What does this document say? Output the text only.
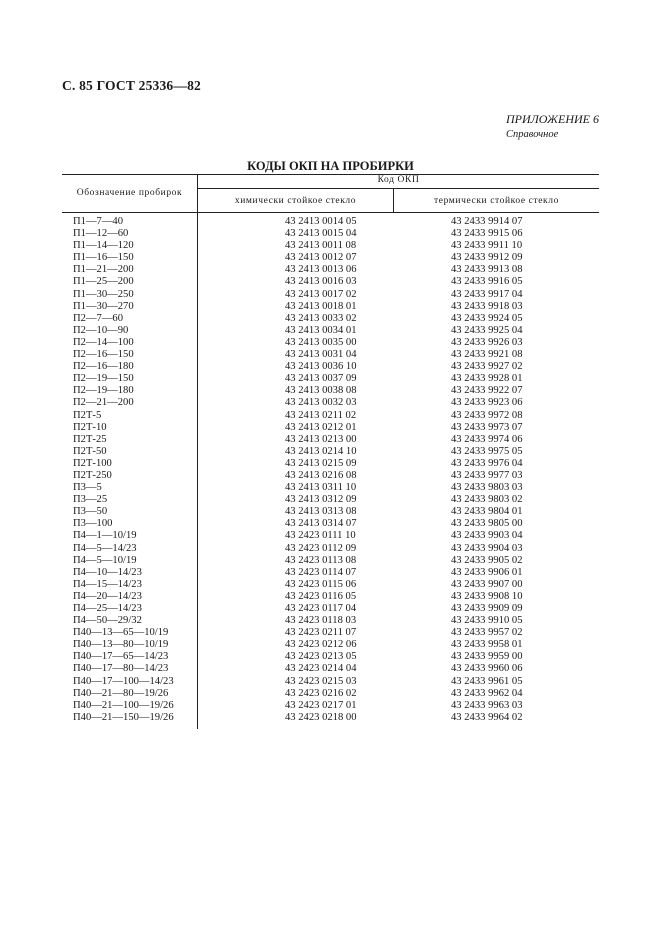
С. 85 ГОСТ 25336—82
ПРИЛОЖЕНИЕ 6
Справочное
КОДЫ ОКП НА ПРОБИРКИ
Обозначение пробирок
Код ОКП
химически стойкое стекло	термически стойкое стекло
П1—7—40	43 2413 0014 05	43 2433 9914 07
П1—12—60	43 2413 0015 04	43 2433 9915 06
П1—14—120	43 2413 0011 08	43 2433 9911 10
П1—16—150	43 2413 0012 07	43 2433 9912 09
П1—21—200	43 2413 0013 06	43 2433 9913 08
П1—25—200	43 2413 0016 03	43 2433 9916 05
П1—30—250	43 2413 0017 02	43 2433 9917 04
П1—30—270	43 2413 0018 01	43 2433 9918 03
П2—7—60	43 2413 0033 02	43 2433 9924 05
П2—10—90	43 2413 0034 01	43 2433 9925 04
П2—14—100	43 2413 0035 00	43 2433 9926 03
П2—16—150	43 2413 0031 04	43 2433 9921 08
П2—16—180	43 2413 0036 10	43 2433 9927 02
П2—19—150	43 2413 0037 09	43 2433 9928 01
П2—19—180	43 2413 0038 08	43 2433 9922 07
П2—21—200	43 2413 0032 03	43 2433 9923 06
П2Т-5	43 2413 0211 02	43 2433 9972 08
П2Т-10	43 2413 0212 01	43 2433 9973 07
П2Т-25	43 2413 0213 00	43 2433 9974 06
П2Т-50	43 2413 0214 10	43 2433 9975 05
П2Т-100	43 2413 0215 09	43 2433 9976 04
П2Т-250	43 2413 0216 08	43 2433 9977 03
П3—5	43 2413 0311 10	43 2433 9803 03
П3—25	43 2413 0312 09	43 2433 9803 02
П3—50	43 2413 0313 08	43 2433 9804 01
П3—100	43 2413 0314 07	43 2433 9805 00
П4—1—10/19	43 2423 0111 10	43 2433 9903 04
П4—5—14/23	43 2423 0112 09	43 2433 9904 03
П4—5—10/19	43 2423 0113 08	43 2433 9905 02
П4—10—14/23	43 2423 0114 07	43 2433 9906 01
П4—15—14/23	43 2423 0115 06	43 2433 9907 00
П4—20—14/23	43 2423 0116 05	43 2433 9908 10
П4—25—14/23	43 2423 0117 04	43 2433 9909 09
П4—50—29/32	43 2423 0118 03	43 2433 9910 05
П40—13—65—10/19	43 2423 0211 07	43 2433 9957 02
П40—13—80—10/19	43 2423 0212 06	43 2433 9958 01
П40—17—65—14/23	43 2423 0213 05	43 2433 9959 00
П40—17—80—14/23	43 2423 0214 04	43 2433 9960 06
П40—17—100—14/23	43 2423 0215 03	43 2433 9961 05
П40—21—80—19/26	43 2423 0216 02	43 2433 9962 04
П40—21—100—19/26	43 2423 0217 01	43 2433 9963 03
П40—21—150—19/26	43 2423 0218 00	43 2433 9964 02
